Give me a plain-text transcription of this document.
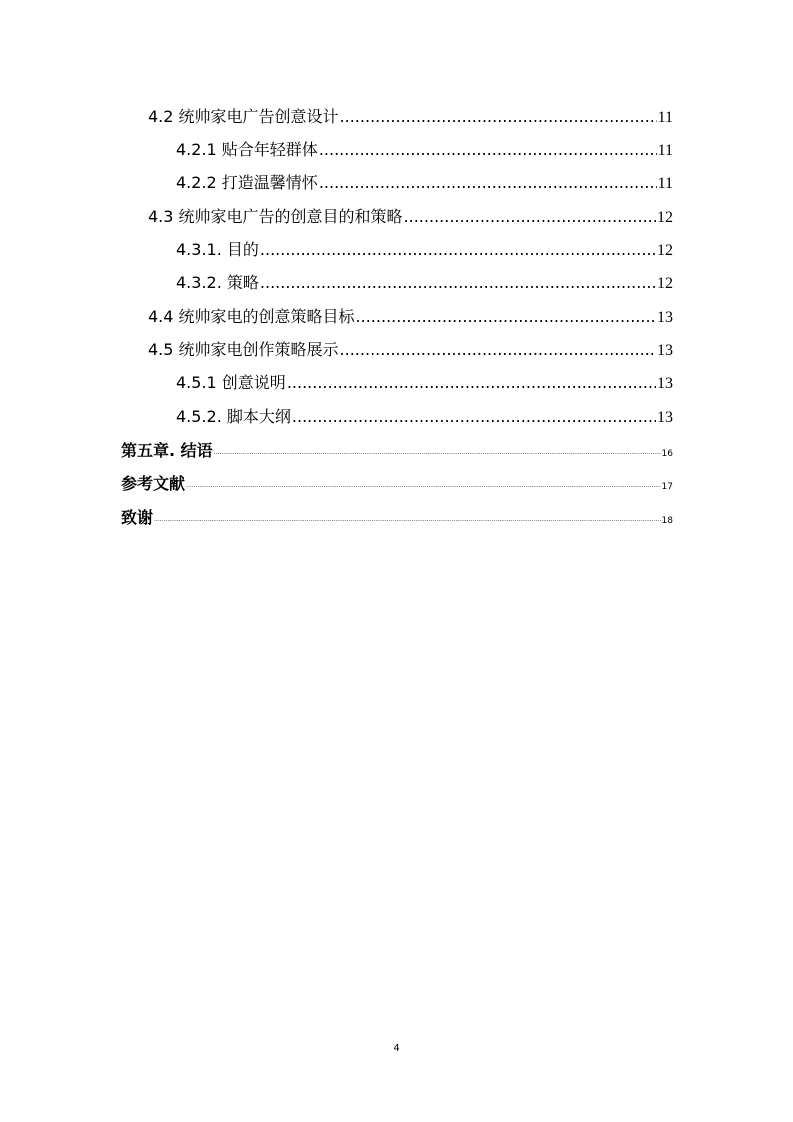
4.2 统帅家电广告创意设计 .....	11
4.2.1 贴合年轻群体 .....	11
4.2.2 打造温馨情怀 .....	11
4.3 统帅家电广告的创意目的和策略 .....	12
4.3.1. 目的 .....	12
4.3.2. 策略 .....	12
4.4 统帅家电的创意策略目标 .....	13
4.5 统帅家电创作策略展示 .....	13
4.5.1 创意说明 .....	13
4.5.2. 脚本大纲 .....	13
第五章. 结语 .....	16
参考文献 .....	17
致谢 .....	18
4
